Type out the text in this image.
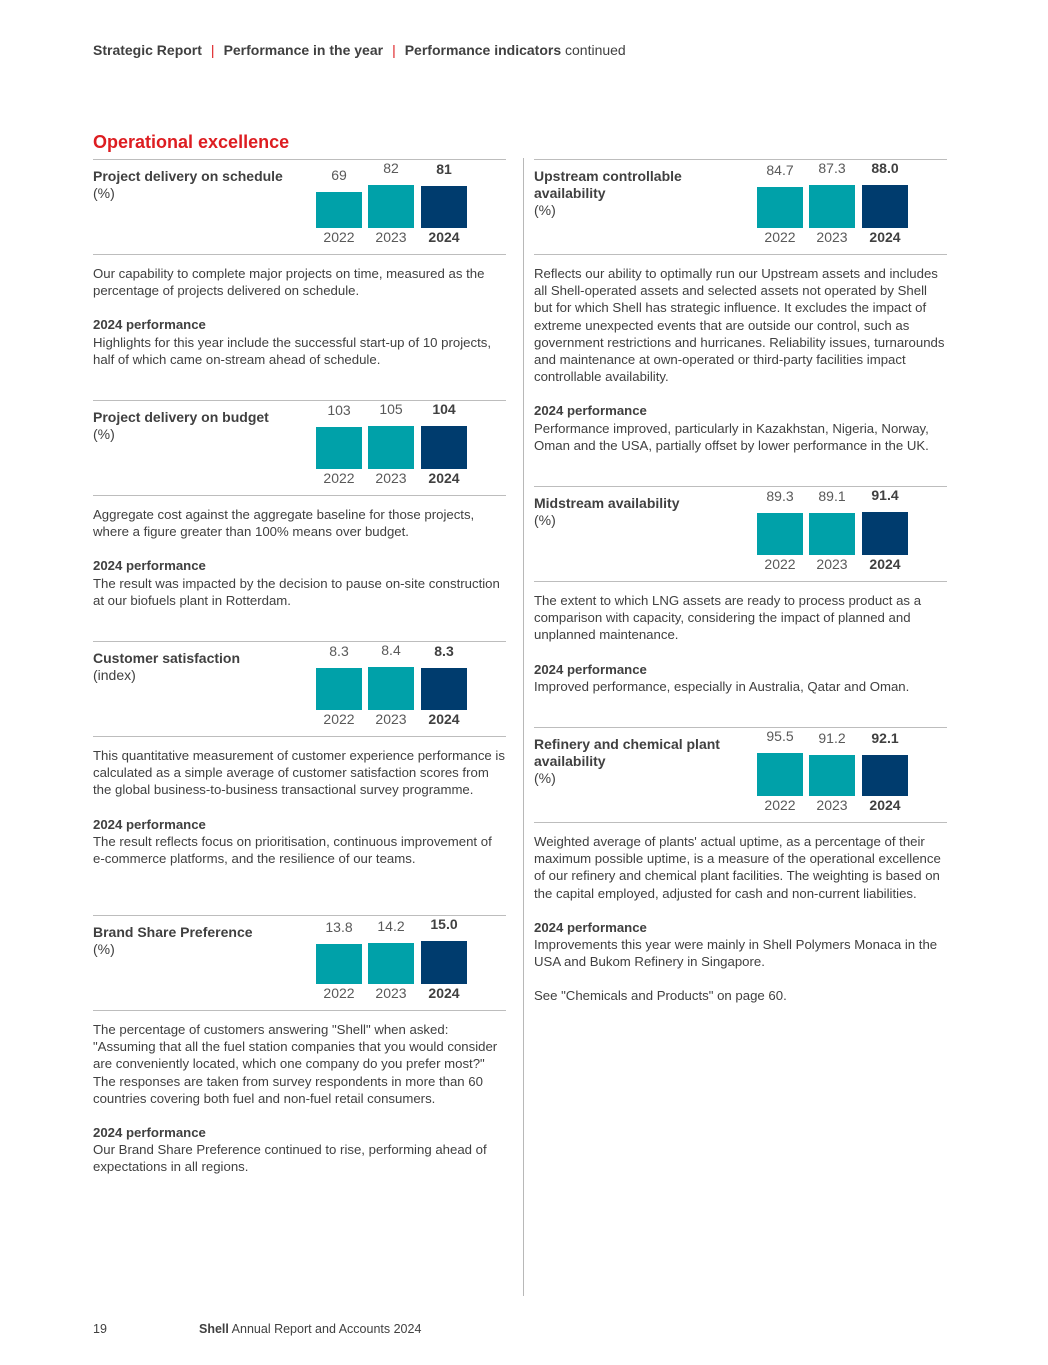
Strategic Report | Performance in the year | Performance indicators continued
Operational excellence
Project delivery on schedule
(%)
69
2022
82
2023
81
2024

Our capability to complete major projects on time, measured as the percentage of projects delivered on schedule.

2024 performance

Highlights for this year include the successful start-up of 10 projects, half of which came on-stream ahead of schedule.

Project delivery on budget
(%)
103
2022
105
2023
104
2024

Aggregate cost against the aggregate baseline for those projects, where a figure greater than 100% means over budget.

2024 performance

The result was impacted by the decision to pause on-site construction at our biofuels plant in Rotterdam.

Customer satisfaction
(index)
8.3
2022
8.4
2023
8.3
2024

This quantitative measurement of customer experience performance is calculated as a simple average of customer satisfaction scores from the global business-to-business transactional survey programme.

2024 performance

The result reflects focus on prioritisation, continuous improvement of e-commerce platforms, and the resilience of our teams.

Brand Share Preference
(%)
13.8
2022
14.2
2023
15.0
2024

The percentage of customers answering "Shell" when asked: "Assuming that all the fuel station companies that you would consider are conveniently located, which one company do you prefer most?" The responses are taken from survey respondents in more than 60 countries covering both fuel and non-fuel retail consumers.

2024 performance

Our Brand Share Preference continued to rise, performing ahead of expectations in all regions.

Upstream controllable availability
(%)
84.7
2022
87.3
2023
88.0
2024

Reflects our ability to optimally run our Upstream assets and includes all Shell-operated assets and selected assets not operated by Shell but for which Shell has strategic influence. It excludes the impact of extreme unexpected events that are outside our control, such as government restrictions and hurricanes. Reliability issues, turnarounds and maintenance at own-operated or third-party facilities impact controllable availability.

2024 performance

Performance improved, particularly in Kazakhstan, Nigeria, Norway, Oman and the USA, partially offset by lower performance in the UK.

Midstream availability
(%)
89.3
2022
89.1
2023
91.4
2024

The extent to which LNG assets are ready to process product as a comparison with capacity, considering the impact of planned and unplanned maintenance.

2024 performance

Improved performance, especially in Australia, Qatar and Oman.

Refinery and chemical plant availability
(%)
95.5
2022
91.2
2023
92.1
2024

Weighted average of plants' actual uptime, as a percentage of their maximum possible uptime, is a measure of the operational excellence of our refinery and chemical plant facilities. The weighting is based on the capital employed, adjusted for cash and non-current liabilities.

2024 performance

Improvements this year were mainly in Shell Polymers Monaca in the USA and Bukom Refinery in Singapore.

See "Chemicals and Products" on page 60.

19	Shell Annual Report and Accounts 2024
